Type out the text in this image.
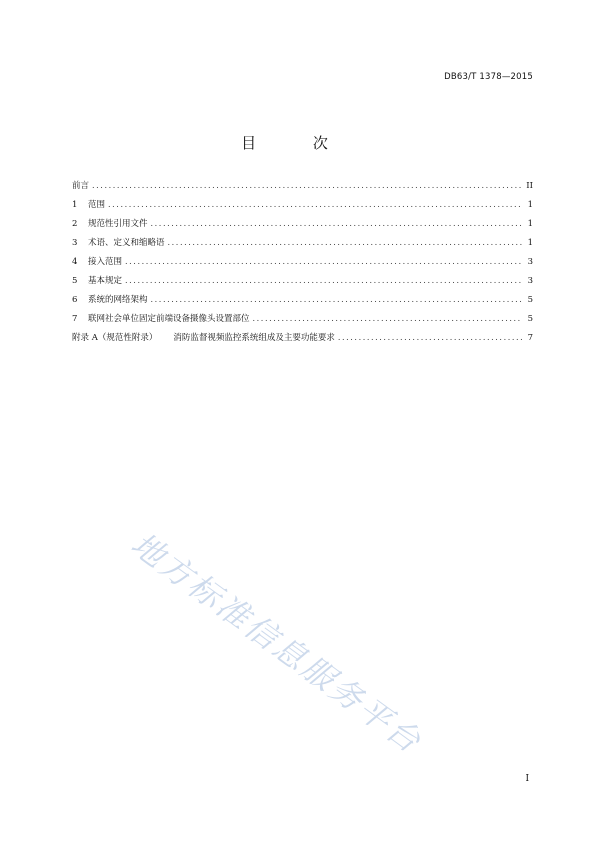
DB63/T 1378—2015
目 次
前言 .....	II
1	范围 .....	1
2	规范性引用文件 .....	1
3	术语、定义和缩略语 .....	1
4	接入范围 .....	3
5	基本规定 .....	3
6	系统的网络架构 .....	5
7	联网社会单位固定前端设备摄像头设置部位 .....	5
附录 A（规范性附录） 消防监督视频监控系统组成及主要功能要求 .....	7
地方标准信息服务平台
I
